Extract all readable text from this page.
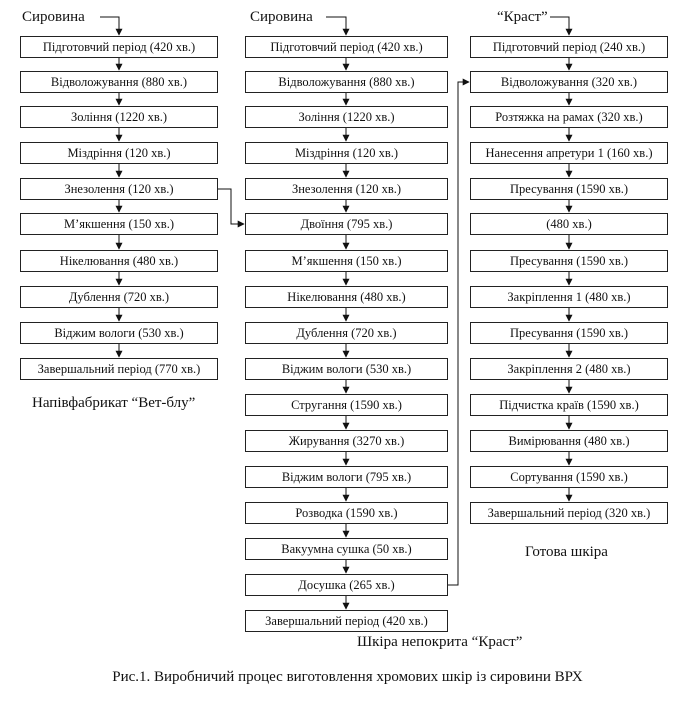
Сировина
Підготовчий період (420 хв.)
Відволожування (880 хв.)
Зоління (1220 хв.)
Міздріння (120 хв.)
Знезолення (120 хв.)
М’якшення (150 хв.)
Нікелювання (480 хв.)
Дублення (720 хв.)
Віджим вологи (530 хв.)
Завершальний період (770 хв.)
Напівфабрикат “Вет-блу”
Сировина
Підготовчий період (420 хв.)
Відволожування (880 хв.)
Зоління (1220 хв.)
Міздріння (120 хв.)
Знезолення (120 хв.)
Двоїння (795 хв.)
М’якшення (150 хв.)
Нікелювання (480 хв.)
Дублення (720 хв.)
Віджим вологи (530 хв.)
Стругання (1590 хв.)
Жирування (3270 хв.)
Віджим вологи (795 хв.)
Розводка (1590 хв.)
Вакуумна сушка (50 хв.)
Досушка (265 хв.)
Завершальний період (420 хв.)
Шкіра непокрита “Краст”
“Краст”
Підготовчий період (240 хв.)
Відволожування (320 хв.)
Розтяжка на рамах (320 хв.)
Нанесення апретури 1 (160 хв.)
Пресування (1590 хв.)
(480 хв.)
Пресування (1590 хв.)
Закріплення 1 (480 хв.)
Пресування (1590 хв.)
Закріплення 2 (480 хв.)
Підчистка країв (1590 хв.)
Вимірювання (480 хв.)
Сортування (1590 хв.)
Завершальний період (320 хв.)
Готова шкіра
Рис.1. Виробничий процес виготовлення хромових шкір із сировини ВРХ
